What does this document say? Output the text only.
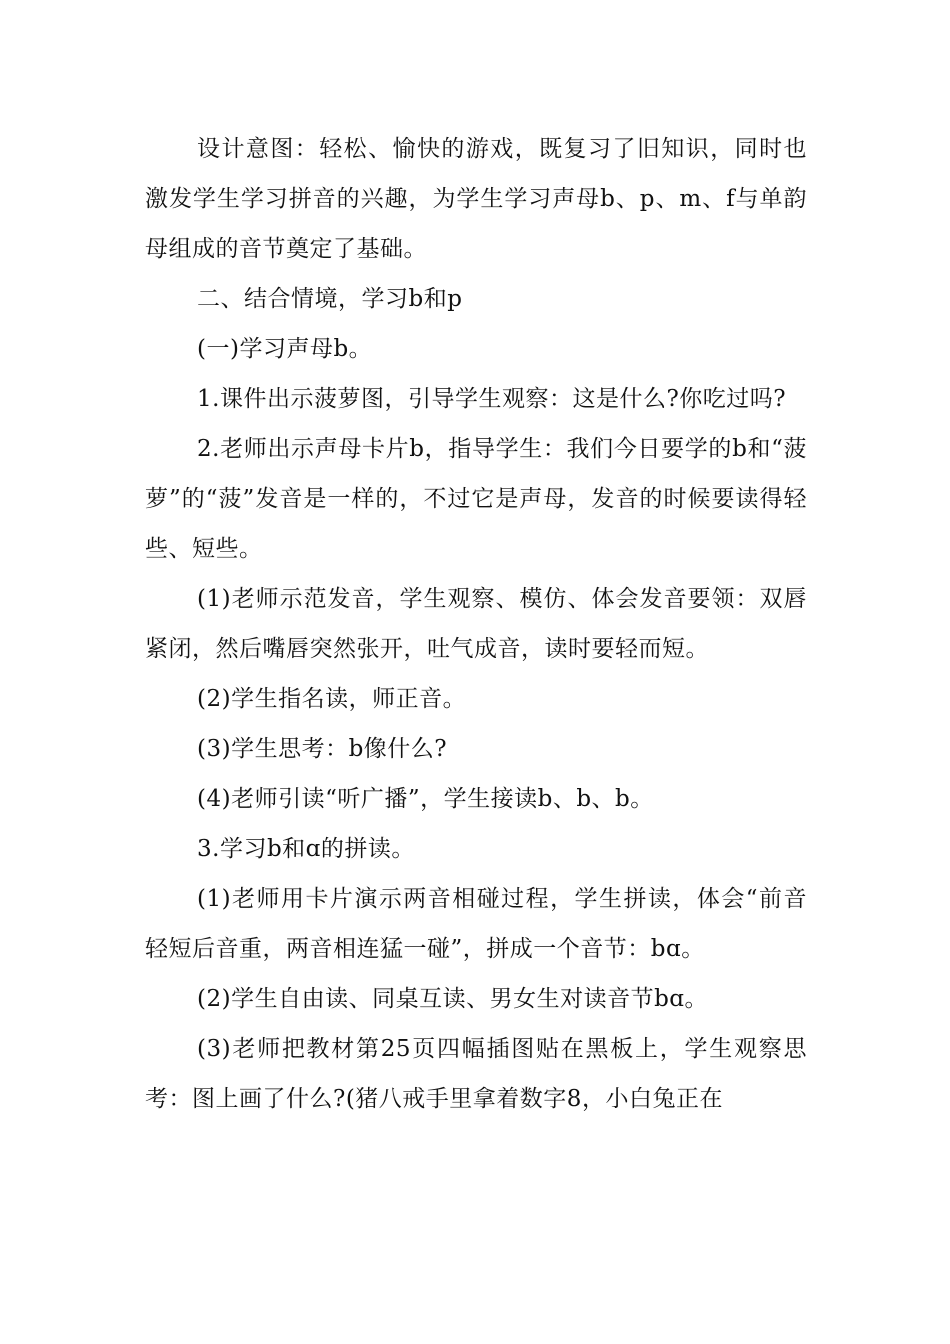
设计意图：轻松、愉快的游戏，既复习了旧知识，同时也激发学生学习拼音的兴趣，为学生学习声母b、p、m、f与单韵母组成的音节奠定了基础。

二、结合情境，学习b和p

(一)学习声母b。

1.课件出示菠萝图，引导学生观察：这是什么?你吃过吗?

2.老师出示声母卡片b，指导学生：我们今日要学的b和“菠萝”的“菠”发音是一样的，不过它是声母，发音的时候要读得轻些、短些。

(1)老师示范发音，学生观察、模仿、体会发音要领：双唇紧闭，然后嘴唇突然张开，吐气成音，读时要轻而短。

(2)学生指名读，师正音。

(3)学生思考：b像什么?

(4)老师引读“听广播”，学生接读b、b、b。

3.学习b和ɑ的拼读。

(1)老师用卡片演示两音相碰过程，学生拼读，体会“前音轻短后音重，两音相连猛一碰”，拼成一个音节：bɑ。

(2)学生自由读、同桌互读、男女生对读音节bɑ。

(3)老师把教材第25页四幅插图贴在黑板上，学生观察思考：图上画了什么?(猪八戒手里拿着数字8，小白兔正在
